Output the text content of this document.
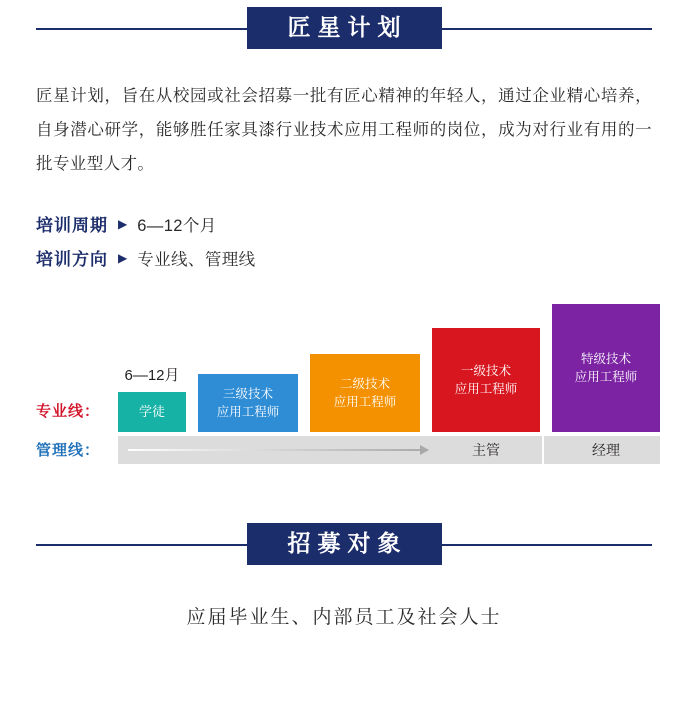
匠星计划

匠星计划，旨在从校园或社会招募一批有匠心精神的年轻人，通过企业精心培养，自身潜心研学，能够胜任家具漆行业技术应用工程师的岗位，成为对行业有用的一批专业型人才。

培训周期 ▶ 6—12个月
培训方向 ▶ 专业线、管理线
专业线：
管理线：
6—12月
学徒
三级技术
应用工程师
二级技术
应用工程师
一级技术
应用工程师
特级技术
应用工程师
主管	经理
招募对象
应届毕业生、内部员工及社会人士
